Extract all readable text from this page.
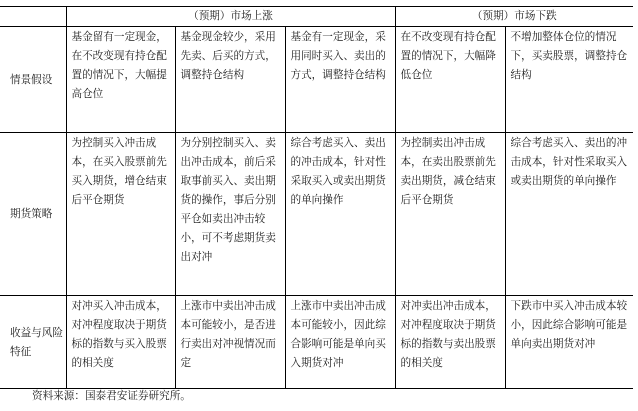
	（预期）市场上涨			（预期）市场下跌	
情景假设	基金留有一定现金，在不改变现有持仓配置的情况下，大幅提高仓位	基金现金较少，采用先卖、后买的方式，调整持仓结构	基金有一定现金，采用同时买入、卖出的方式，调整持仓结构	在不改变现有持仓配置的情况下，大幅降低仓位	不增加整体仓位的情况下，买卖股票，调整持仓结构
期货策略	为控制买入冲击成本，在买入股票前先买入期货，增仓结束后平仓期货	为分别控制买入、卖出冲击成本，前后采取事前买入、卖出期货的操作，事后分别平仓如卖出冲击较小，可不考虑期货卖出对冲	综合考虑买入、卖出的冲击成本，针对性采取买入或卖出期货的单向操作	为控制卖出冲击成本，在卖出股票前先卖出期货，减仓结束后平仓期货	综合考虑买入、卖出的冲击成本，针对性采取买入或卖出期货的单向操作
收益与风险特征	对冲买入冲击成本，对冲程度取决于期货标的指数与买入股票的相关度	上涨市中卖出冲击成本可能较小，是否进行卖出对冲视情况而定	上涨市中卖出冲击成本可能较小，因此综合影响可能是单向买入期货对冲	对冲卖出冲击成本，对冲程度取决于期货标的指数与卖出股票的相关度	下跌市中买入冲击成本较小，因此综合影响可能是单向卖出期货对冲

资料来源：国泰君安证券研究所。
